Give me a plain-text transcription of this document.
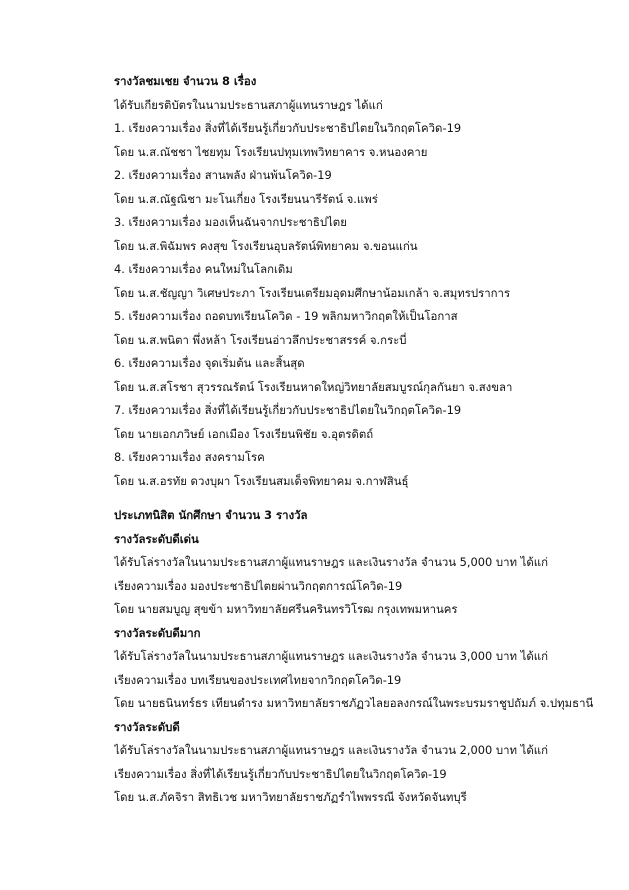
รางวัลชมเชย จำนวน 8 เรื่อง
ได้รับเกียรติบัตรในนามประธานสภาผู้แทนราษฎร ได้แก่
1. เรียงความเรื่อง สิ่งที่ได้เรียนรู้เกี่ยวกับประชาธิปไตยในวิกฤตโควิด-19
โดย น.ส.ณัชชา ไชยทุม โรงเรียนปทุมเทพวิทยาคาร จ.หนองคาย
2. เรียงความเรื่อง สานพลัง ฝ่านพ้นโควิด-19
โดย น.ส.ณัฐณิชา มะโนเกี่ยง โรงเรียนนารีรัตน์ จ.แพร่
3. เรียงความเรื่อง มองเห็นฉันจากประชาธิปไตย
โดย น.ส.พิฉัมพร คงสุข โรงเรียนอุบลรัตน์พิทยาคม จ.ขอนแก่น
4. เรียงความเรื่อง คนใหม่ในโลกเดิม
โดย น.ส.ชัญญา วิเศษประภา โรงเรียนเตรียมอุดมศึกษาน้อมเกล้า จ.สมุทรปราการ
5. เรียงความเรื่อง ถอดบทเรียนโควิด - 19 พลิกมหาวิกฤตให้เป็นโอกาส
โดย น.ส.พนิตา พึ่งหล้า โรงเรียนอ่าวลึกประชาสรรค์ จ.กระบี่
6. เรียงความเรื่อง จุดเริ่มต้น และสิ้นสุด
โดย น.ส.สโรชา สุวรรณรัตน์ โรงเรียนหาดใหญ่วิทยาลัยสมบูรณ์กุลกันยา จ.สงขลา
7. เรียงความเรื่อง สิ่งที่ได้เรียนรู้เกี่ยวกับประชาธิปไตยในวิกฤตโควิด-19
โดย นายเอกภวิษย์ เอกเมือง โรงเรียนพิชัย จ.อุตรดิตถ์
8. เรียงความเรื่อง สงครามโรค
โดย น.ส.อรทัย ดวงบุผา โรงเรียนสมเด็จพิทยาคม จ.กาฬสินธุ์
ประเภทนิสิต นักศึกษา จำนวน 3 รางวัล
รางวัลระดับดีเด่น
ได้รับโล่รางวัลในนามประธานสภาผู้แทนราษฎร และเงินรางวัล จำนวน 5,000 บาท ได้แก่
เรียงความเรื่อง มองประชาธิปไตยผ่านวิกฤตการณ์โควิด-19
โดย นายสมบูญ สุขข้า มหาวิทยาลัยศรีนครินทรวิโรฒ กรุงเทพมหานคร
รางวัลระดับดีมาก
ได้รับโล่รางวัลในนามประธานสภาผู้แทนราษฎร และเงินรางวัล จำนวน 3,000 บาท ได้แก่
เรียงความเรื่อง บทเรียนของประเทศไทยจากวิกฤตโควิด-19
โดย นายธนินทร์ธร เทียนดำรง มหาวิทยาลัยราชภัฏวไลยอลงกรณ์ในพระบรมราชูปถัมภ์ จ.ปทุมธานี
รางวัลระดับดี
ได้รับโล่รางวัลในนามประธานสภาผู้แทนราษฎร และเงินรางวัล จำนวน 2,000 บาท ได้แก่
เรียงความเรื่อง สิ่งที่ได้เรียนรู้เกี่ยวกับประชาธิปไตยในวิกฤตโควิด-19
โดย น.ส.ภัคจิรา สิทธิเวช มหาวิทยาลัยราชภัฏรำไพพรรณี จังหวัดจันทบุรี
